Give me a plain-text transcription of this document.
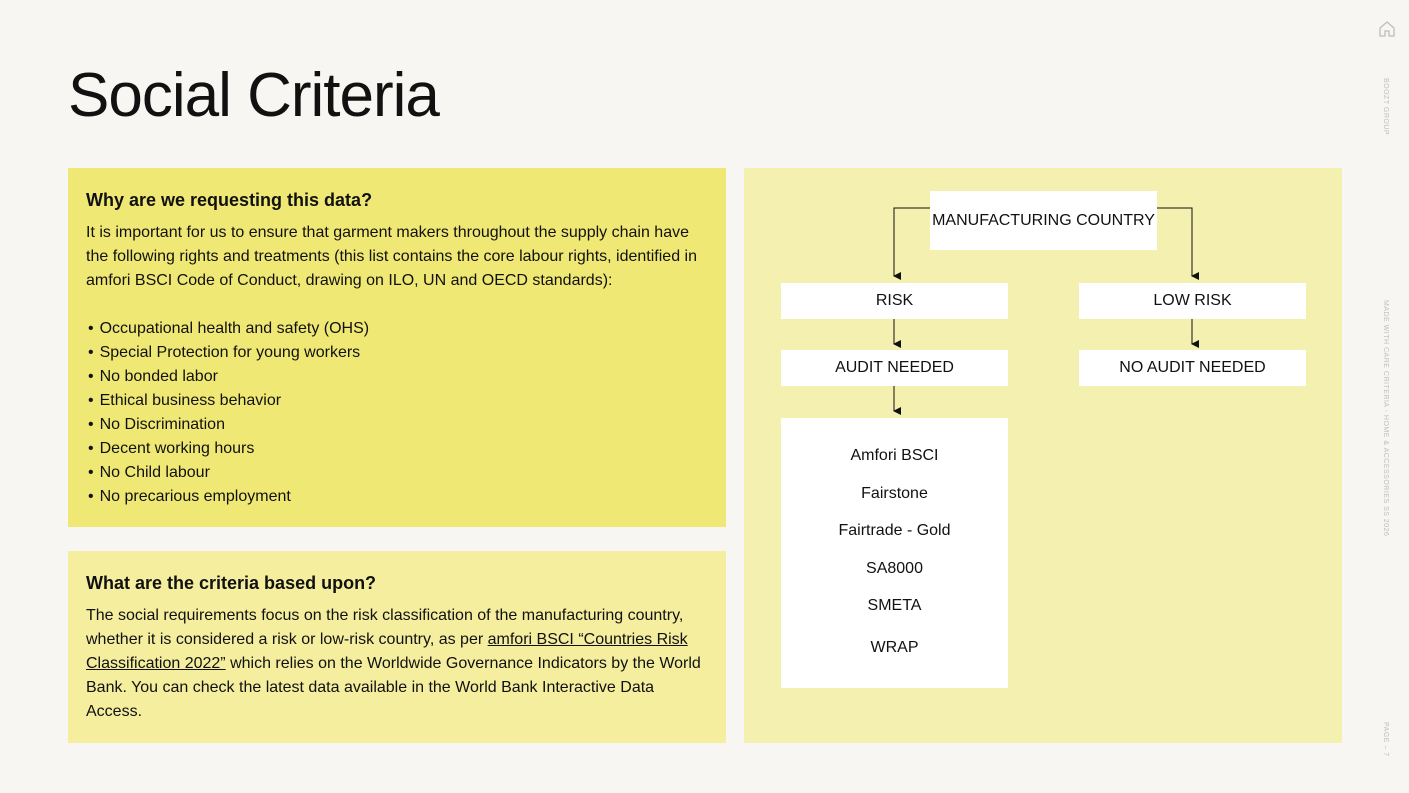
Social Criteria	BOOZT GROUP
MADE WITH CARE CRITERIA - HOME & ACCESSORIES SS 2026
PAGE – 7
Why are we requesting this data?

It is important for us to ensure that garment makers throughout the supply chain have the following rights and treatments (this list contains the core labour rights, identified in amfori BSCI Code of Conduct, drawing on ILO, UN and OECD standards):

• Occupational health and safety (OHS)
• Special Protection for young workers
• No bonded labor
• Ethical business behavior
• No Discrimination
• Decent working hours
• No Child labour
• No precarious employment
What are the criteria based upon?

The social requirements focus on the risk classification of the manufacturing country, whether it is considered a risk or low-risk country, as per amfori BSCI “Countries Risk Classification 2022” which relies on the Worldwide Governance Indicators by the World Bank. You can check the latest data available in the World Bank Interactive Data Access.

MANUFACTURING COUNTRY
RISK	LOW RISK
AUDIT NEEDED	NO AUDIT NEEDED
Amfori BSCI
Fairstone
Fairtrade - Gold
SA8000
SMETA
WRAP
